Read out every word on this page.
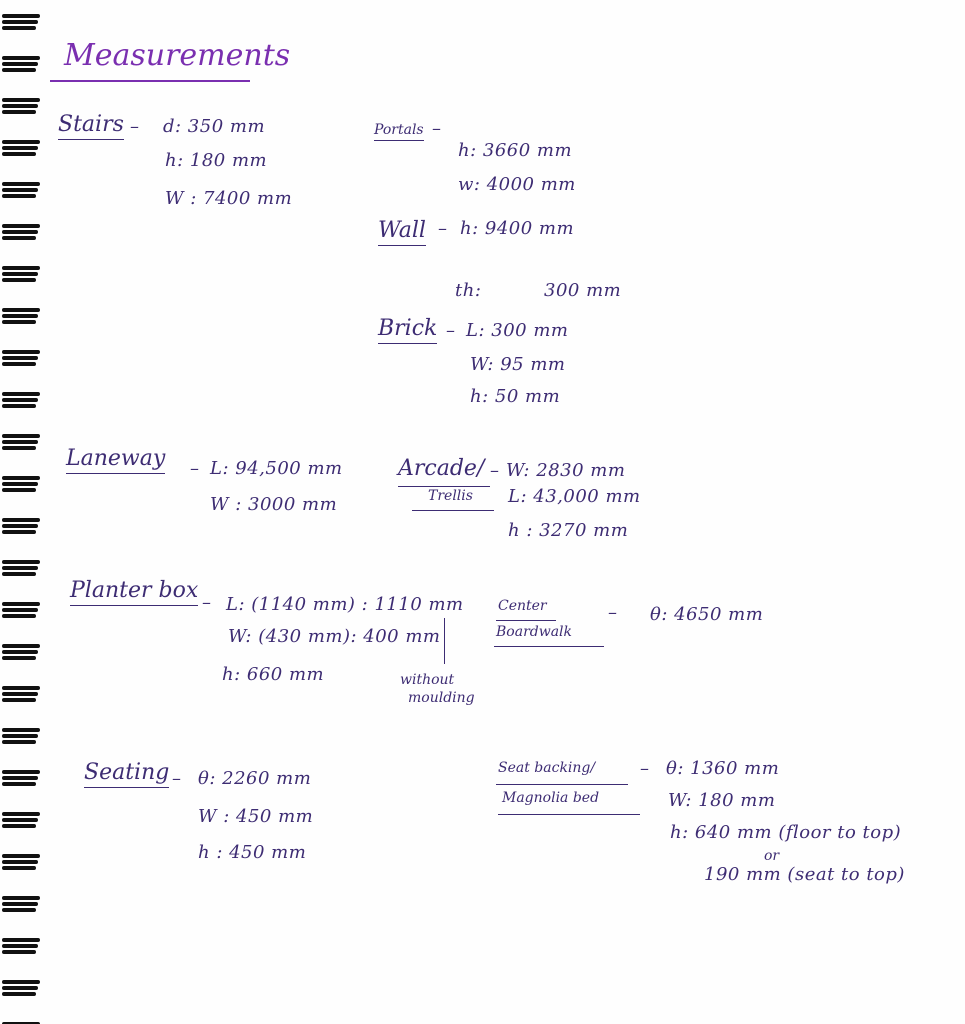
Measurements
Stairs – d: 350 mm
h: 180 mm
W : 7400 mm
Portals –
h: 3660 mm
w: 4000 mm
Wall – h: 9400 mm
th:	300 mm
Brick – L: 300 mm
W: 95 mm
h: 50 mm
Laneway – L: 94,500 mm
W : 3000 mm
Arcade/
Trellis
– W: 2830 mm
L: 43,000 mm
h : 3270 mm
Planter box – L: (1140 mm) : 1110 mm
W: (430 mm): 400 mm
h: 660 mm	without
moulding
Center
Boardwalk
– θ: 4650 mm
Seating – θ: 2260 mm
W : 450 mm
h : 450 mm
Seat backing/
Magnolia bed
– θ: 1360 mm
W: 180 mm
h: 640 mm (floor to top)
or
190 mm (seat to top)
